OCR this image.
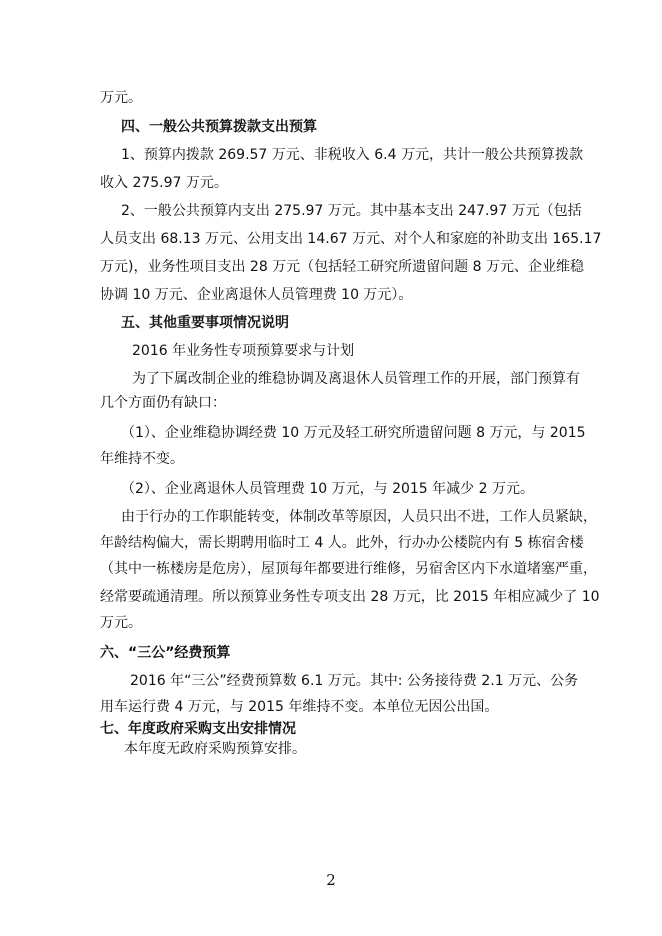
万元。
四、一般公共预算拨款支出预算
1、预算内拨款 269.57 万元、非税收入 6.4 万元，共计一般公共预算拨款
收入 275.97 万元。
2、一般公共预算内支出 275.97 万元。其中基本支出 247.97 万元（包括
人员支出 68.13 万元、公用支出 14.67 万元、对个人和家庭的补助支出 165.17
万元)，业务性项目支出 28 万元（包括轻工研究所遗留问题 8 万元、企业维稳
协调 10 万元、企业离退休人员管理费 10 万元）。
五、其他重要事项情况说明
2016 年业务性专项预算要求与计划
为了下属改制企业的维稳协调及离退休人员管理工作的开展，部门预算有
几个方面仍有缺口：
（1）、企业维稳协调经费 10 万元及轻工研究所遗留问题 8 万元，与 2015
年维持不变。
（2）、企业离退休人员管理费 10 万元，与 2015 年减少 2 万元。
由于行办的工作职能转变，体制改革等原因，人员只出不进，工作人员紧缺，
年龄结构偏大，需长期聘用临时工 4 人。此外，行办办公楼院内有 5 栋宿舍楼
（其中一栋楼房是危房），屋顶每年都要进行维修，另宿舍区内下水道堵塞严重，
经常要疏通清理。所以预算业务性专项支出 28 万元，比 2015 年相应减少了 10
万元。
六、“三公”经费预算
2016 年“三公”经费预算数 6.1 万元。其中: 公务接待费 2.1 万元、公务
用车运行费 4 万元，与 2015 年维持不变。本单位无因公出国。
七、年度政府采购支出安排情况
本年度无政府采购预算安排。
2
